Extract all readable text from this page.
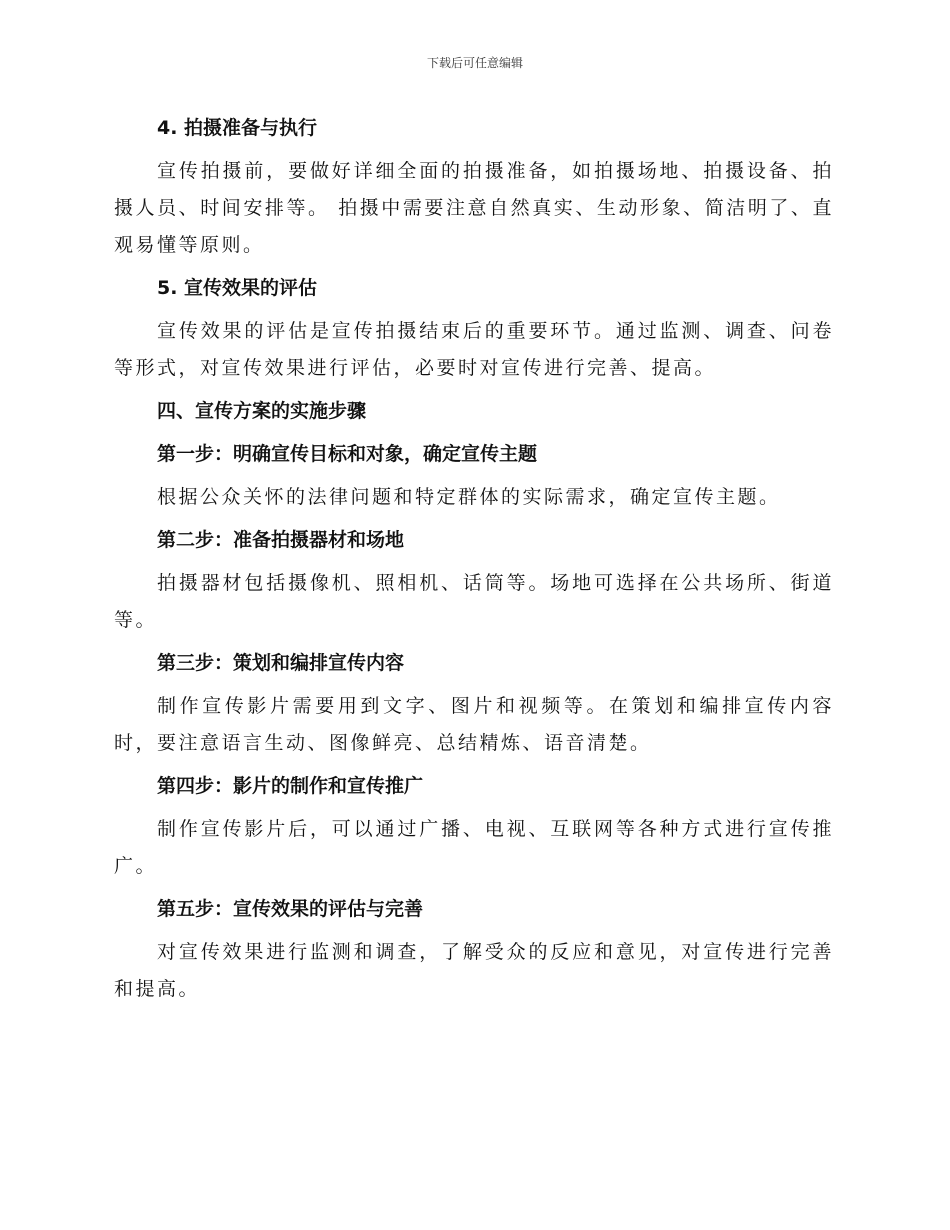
下载后可任意编辑
4. 拍摄准备与执行
宣传拍摄前，要做好详细全面的拍摄准备，如拍摄场地、拍摄设备、拍摄人员、时间安排等。 拍摄中需要注意自然真实、生动形象、简洁明了、直观易懂等原则。
5. 宣传效果的评估
宣传效果的评估是宣传拍摄结束后的重要环节。通过监测、调查、问卷等形式，对宣传效果进行评估，必要时对宣传进行完善、提高。
四、宣传方案的实施步骤
第一步：明确宣传目标和对象，确定宣传主题
根据公众关怀的法律问题和特定群体的实际需求，确定宣传主题。
第二步：准备拍摄器材和场地
拍摄器材包括摄像机、照相机、话筒等。场地可选择在公共场所、街道等。
第三步：策划和编排宣传内容
制作宣传影片需要用到文字、图片和视频等。在策划和编排宣传内容时，要注意语言生动、图像鲜亮、总结精炼、语音清楚。
第四步：影片的制作和宣传推广
制作宣传影片后，可以通过广播、电视、互联网等各种方式进行宣传推广。
第五步：宣传效果的评估与完善
对宣传效果进行监测和调查，了解受众的反应和意见，对宣传进行完善和提高。
